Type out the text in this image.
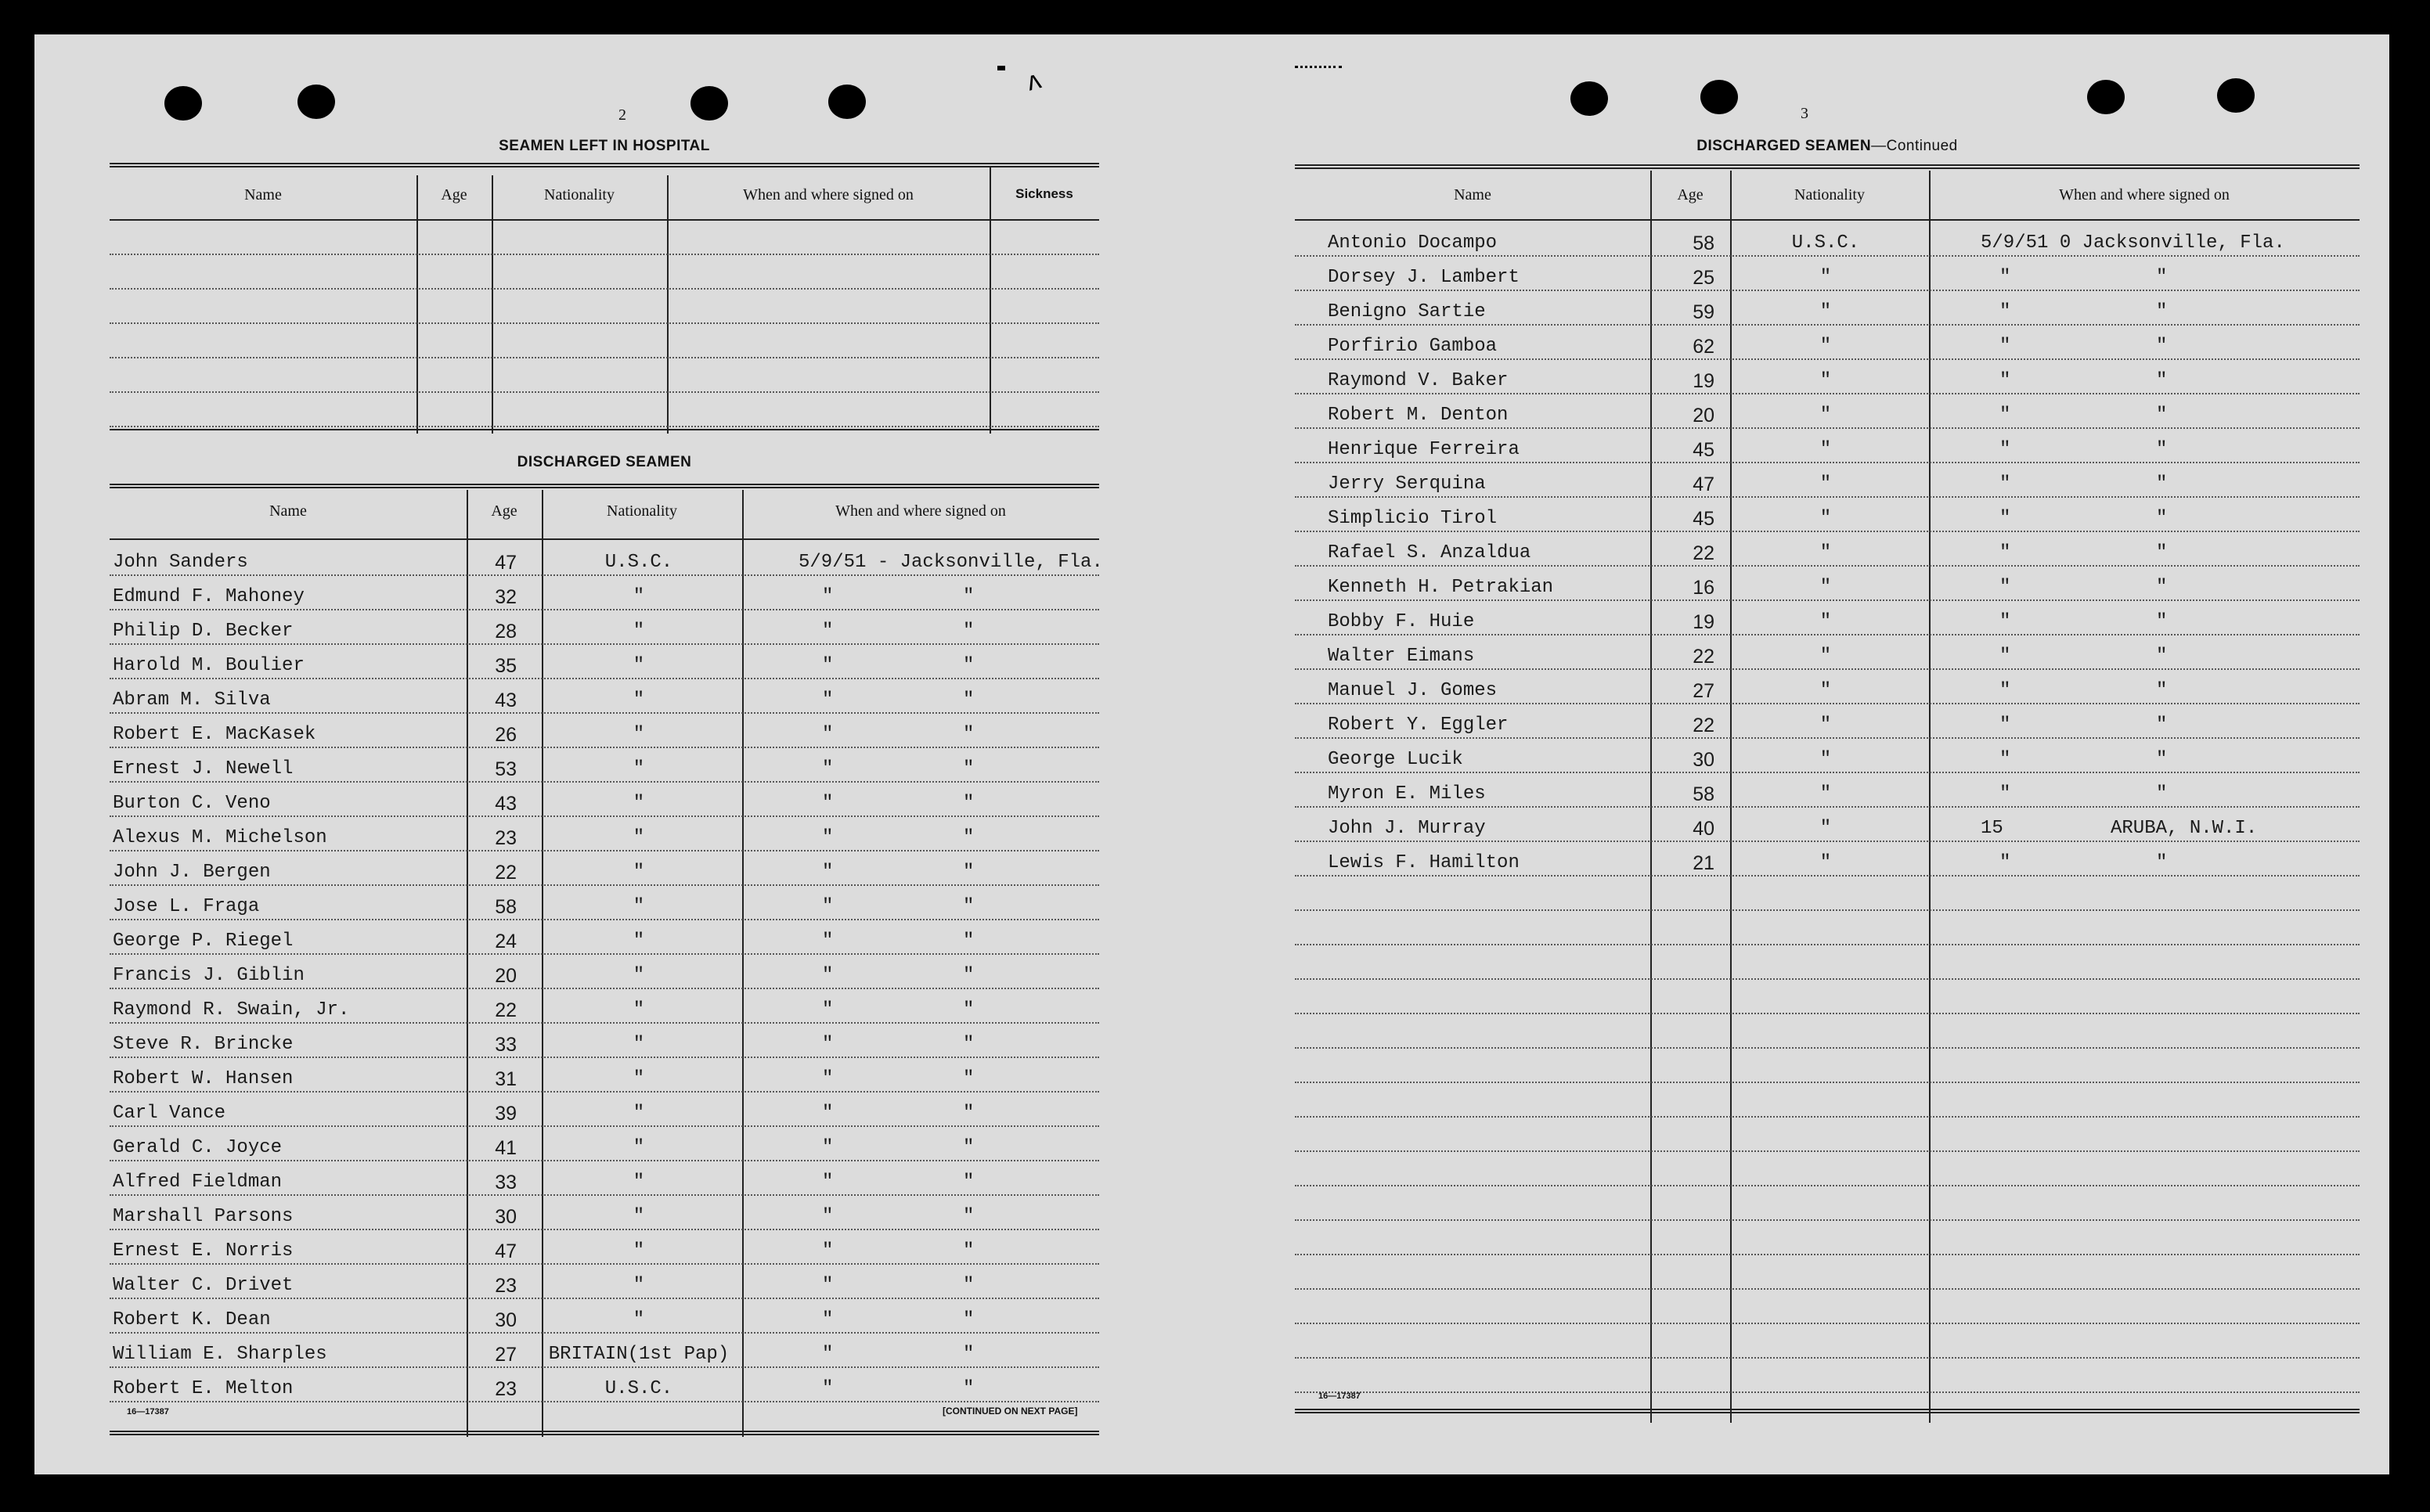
ʌ
2
SEAMEN LEFT IN HOSPITAL
Name	Age	Nationality	When and where signed on	Sickness
DISCHARGED SEAMEN
Name	Age	Nationality	When and where signed on
John Sanders	47	U.S.C.	5/9/51 - Jacksonville, Fla.
Edmund F. Mahoney	32	"	"	"
Philip D. Becker	28	"	"	"
Harold M. Boulier	35	"	"	"
Abram M. Silva	43	"	"	"
Robert E. MacKasek	26	"	"	"
Ernest J. Newell	53	"	"	"
Burton C. Veno	43	"	"	"
Alexus M. Michelson	23	"	"	"
John J. Bergen	22	"	"	"
Jose L. Fraga	58	"	"	"
George P. Riegel	24	"	"	"
Francis J. Giblin	20	"	"	"
Raymond R. Swain, Jr.	22	"	"	"
Steve R. Brincke	33	"	"	"
Robert W. Hansen	31	"	"	"
Carl Vance	39	"	"	"
Gerald C. Joyce	41	"	"	"
Alfred Fieldman	33	"	"	"
Marshall Parsons	30	"	"	"
Ernest E. Norris	47	"	"	"
Walter C. Drivet	23	"	"	"
Robert K. Dean	30	"	"	"
William E. Sharples	27 BRITAIN(1st Pap)	"	"
Robert E. Melton	23	U.S.C.	"	"
16—17387	[CONTINUED ON NEXT PAGE]
3
DISCHARGED SEAMEN—Continued
Name	Age	Nationality	When and where signed on
Antonio Docampo	58	U.S.C.	5/9/51 0 Jacksonville, Fla.
Dorsey J. Lambert	25	"	"	"
Benigno Sartie	59	"	"	"
Porfirio Gamboa	62	"	"	"
Raymond V. Baker	19	"	"	"
Robert M. Denton	20	"	"	"
Henrique Ferreira	45	"	"	"
Jerry Serquina	47	"	"	"
Simplicio Tirol	45	"	"	"
Rafael S. Anzaldua	22	"	"	"
Kenneth H. Petrakian	16	"	"	"
Bobby F. Huie	19	"	"	"
Walter Eimans	22	"	"	"
Manuel J. Gomes	27	"	"	"
Robert Y. Eggler	22	"	"	"
George Lucik	30	"	"	"
Myron E. Miles	58	"	"	"
John J. Murray	40	"	15	ARUBA, N.W.I.
Lewis F. Hamilton	21	"	"	"
16—17387
